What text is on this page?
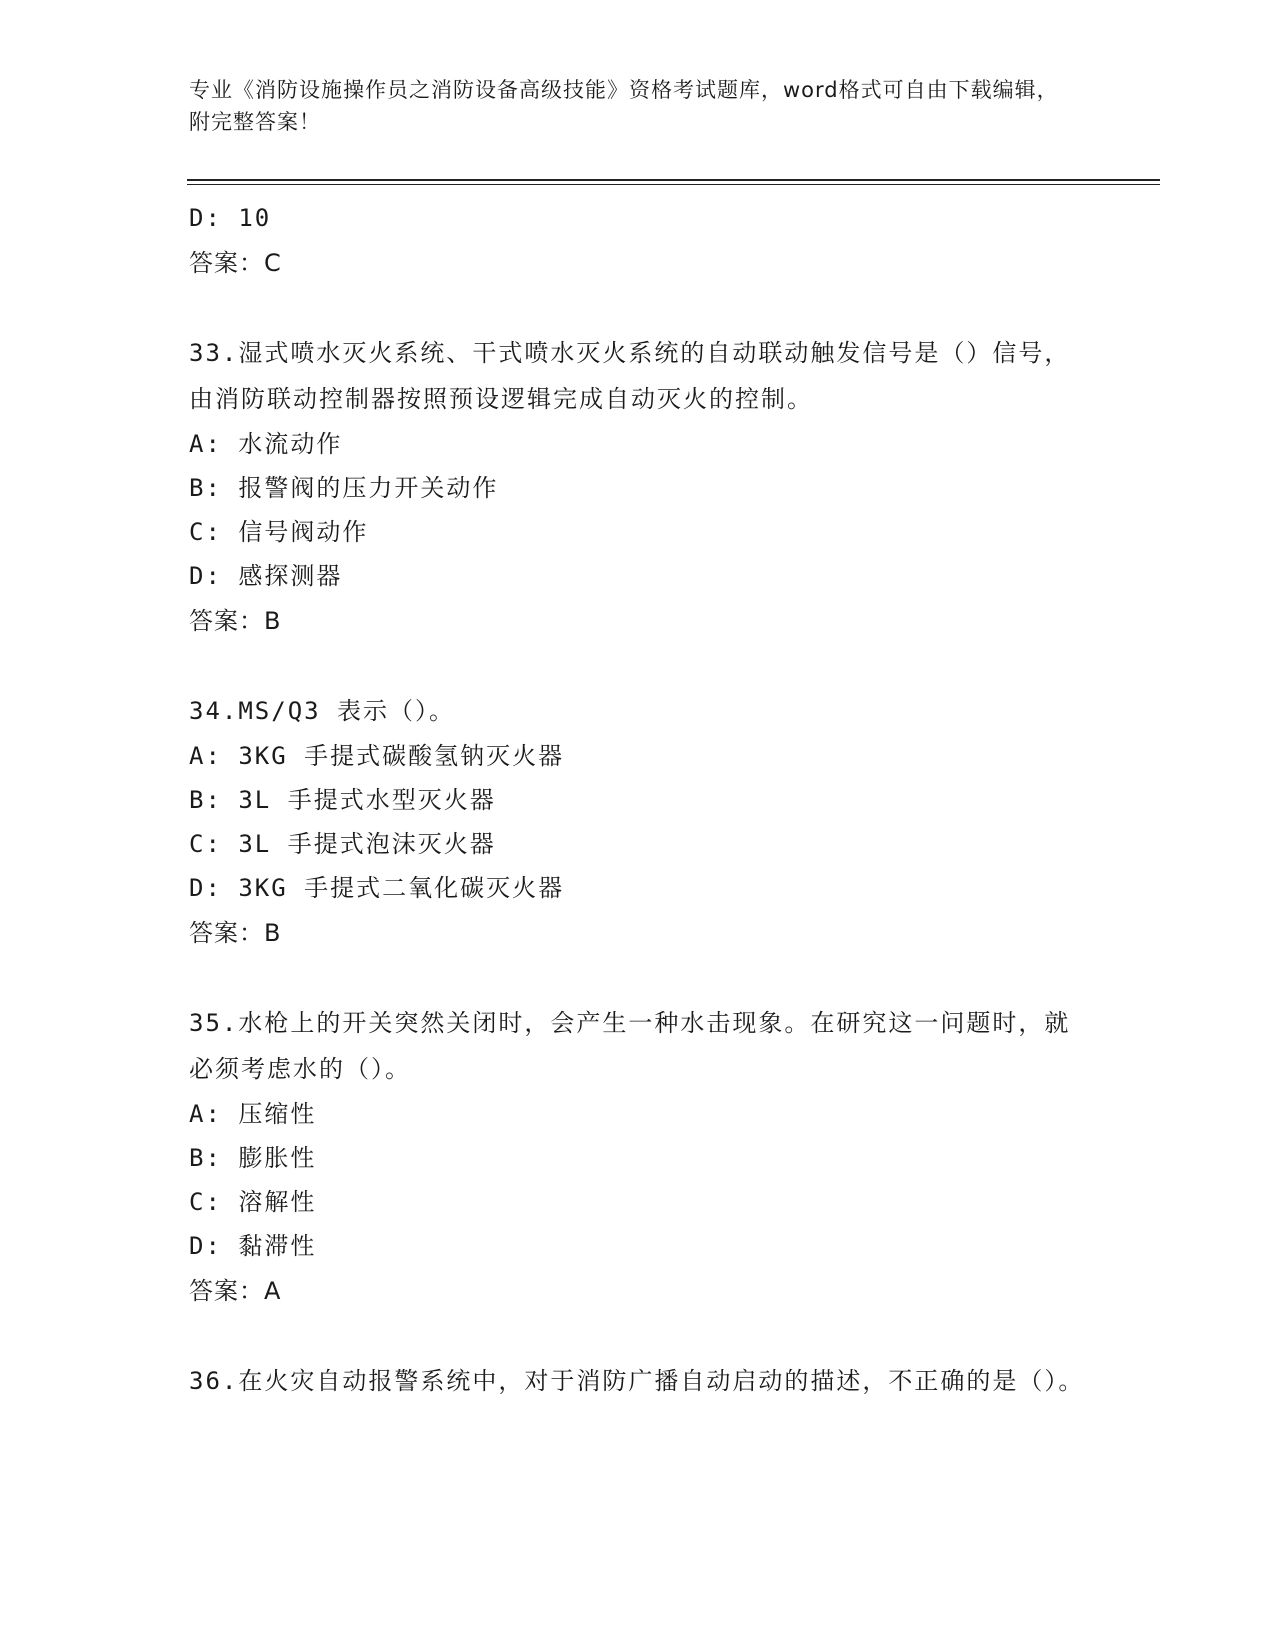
专业《消防设施操作员之消防设备高级技能》资格考试题库，word格式可自由下载编辑，附完整答案！
D: 10
答案：C
33.湿式喷水灭火系统、干式喷水灭火系统的自动联动触发信号是（）信号，由消防联动控制器按照预设逻辑完成自动灭火的控制。
A: 水流动作
B: 报警阀的压力开关动作
C: 信号阀动作
D: 感探测器
答案：B
34.MS/Q3 表示（）。
A: 3KG 手提式碳酸氢钠灭火器
B: 3L 手提式水型灭火器
C: 3L 手提式泡沫灭火器
D: 3KG 手提式二氧化碳灭火器
答案：B
35.水枪上的开关突然关闭时，会产生一种水击现象。在研究这一问题时，就必须考虑水的（）。
A: 压缩性
B: 膨胀性
C: 溶解性
D: 黏滞性
答案：A
36.在火灾自动报警系统中，对于消防广播自动启动的描述，不正确的是（）。
